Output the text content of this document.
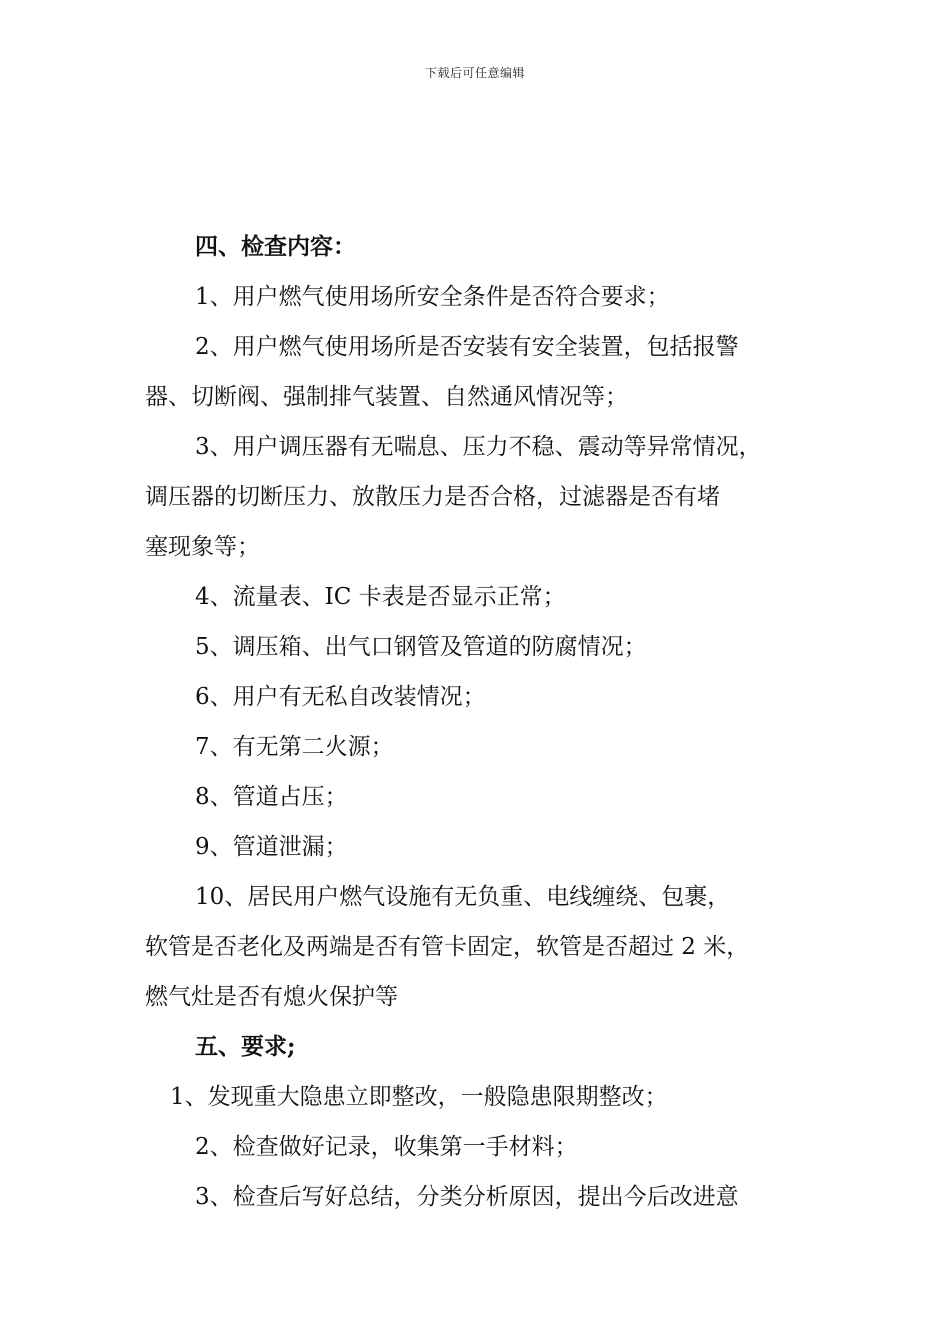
下载后可任意编辑
四、检查内容：
1、用户燃气使用场所安全条件是否符合要求；
2、用户燃气使用场所是否安装有安全装置，包括报警
器、切断阀、强制排气装置、自然通风情况等；
3、用户调压器有无喘息、压力不稳、震动等异常情况，
调压器的切断压力、放散压力是否合格，过滤器是否有堵
塞现象等；
4、流量表、IC 卡表是否显示正常；
5、调压箱、出气口钢管及管道的防腐情况；
6、用户有无私自改装情况；
7、有无第二火源；
8、管道占压；
9、管道泄漏；
10、居民用户燃气设施有无负重、电线缠绕、包裹，
软管是否老化及两端是否有管卡固定，软管是否超过 2 米，
燃气灶是否有熄火保护等
五、要求;
1、发现重大隐患立即整改，一般隐患限期整改；
2、检查做好记录，收集第一手材料；
3、检查后写好总结，分类分析原因，提出今后改进意
